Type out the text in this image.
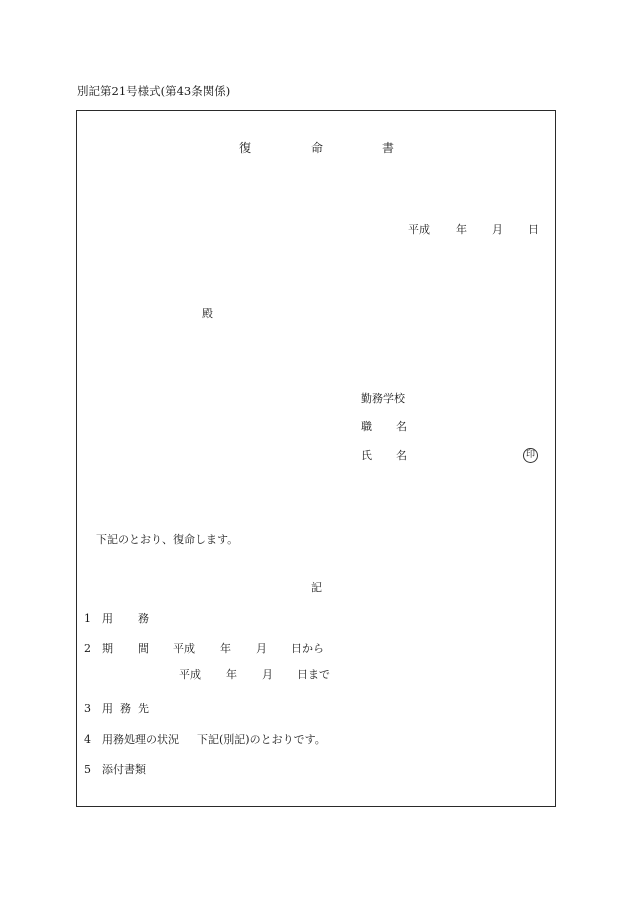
別記第21号様式(第43条関係)
復	命	書
平成 年 月 日
殿
勤務学校
職 名
氏 名	印
下記のとおり、復命します。
記
1 用 務
2 期 間 平成 年 月 日から
平成 年 月 日まで
3 用 務 先
4 用務処理の状況 下記(別記)のとおりです。
5 添付書類
